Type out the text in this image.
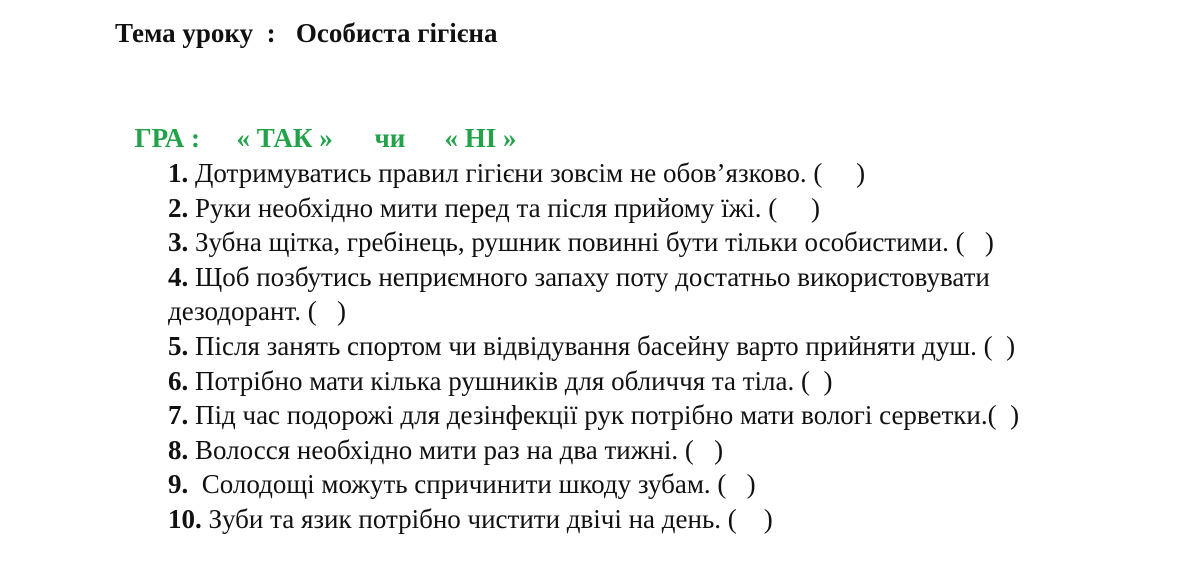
Тема уроку  :   Особиста гігієна

ГРА : « ТАК » чи « НІ »

1. Дотримуватись правил гігієни зовсім не обов’язково. (     )
2. Руки необхідно мити перед та після прийому їжі. (     )
3. Зубна щітка, гребінець, рушник повинні бути тільки особистими. (   )
4. Щоб позбутись неприємного запаху поту достатньо використовувати
дезодорант. (   )
5. Після занять спортом чи відвідування басейну варто прийняти душ. (  )
6. Потрібно мати кілька рушників для обличчя та тіла. (  )
7. Під час подорожі для дезінфекції рук потрібно мати вологі серветки.(  )
8. Волосся необхідно мити раз на два тижні. (   )
9.  Солодощі можуть спричинити шкоду зубам. (   )
10. Зуби та язик потрібно чистити двічі на день. (    )
